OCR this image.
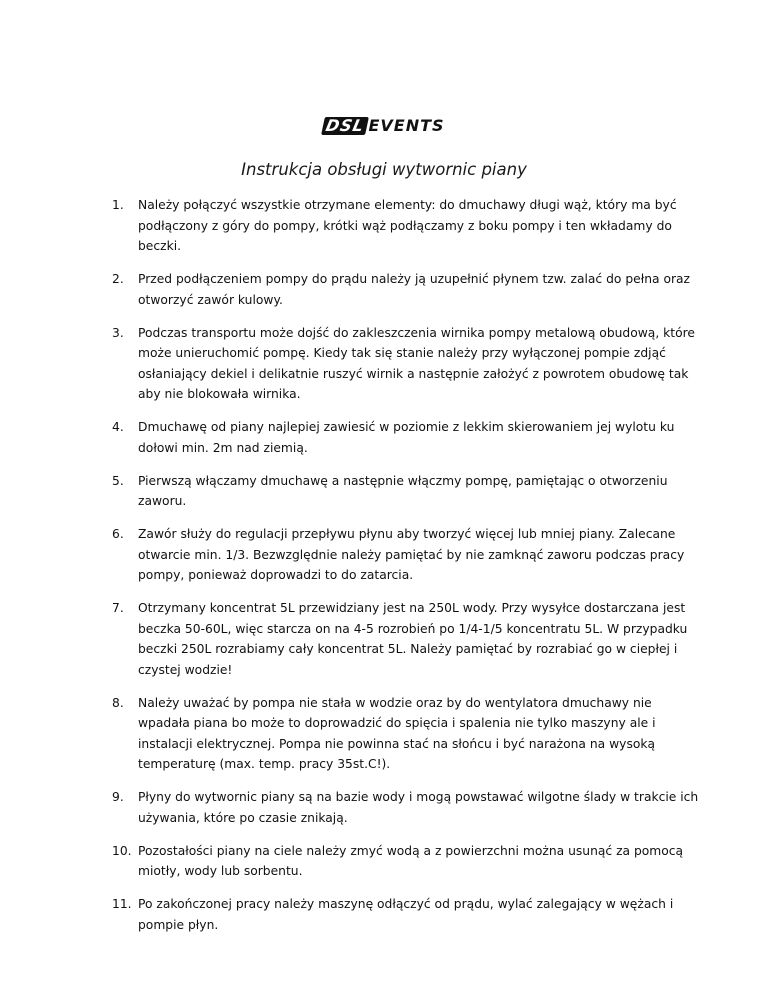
DSL EVENTS
Instrukcja obsługi wytwornic piany
1. Należy połączyć wszystkie otrzymane elementy: do dmuchawy długi wąż, który ma być podłączony z góry do pompy, krótki wąż podłączamy z boku pompy i ten wkładamy do beczki.
2. Przed podłączeniem pompy do prądu należy ją uzupełnić płynem tzw. zalać do pełna oraz otworzyć zawór kulowy.
3. Podczas transportu może dojść do zakleszczenia wirnika pompy metalową obudową, które może unieruchomić pompę. Kiedy tak się stanie należy przy wyłączonej pompie zdjąć osłaniający dekiel i delikatnie ruszyć wirnik a następnie założyć z powrotem obudowę tak aby nie blokowała wirnika.
4. Dmuchawę od piany najlepiej zawiesić w poziomie z lekkim skierowaniem jej wylotu ku dołowi min. 2m nad ziemią.
5. Pierwszą włączamy dmuchawę a następnie włączmy pompę, pamiętając o otworzeniu zaworu.
6. Zawór służy do regulacji przepływu płynu aby tworzyć więcej lub mniej piany. Zalecane otwarcie min. 1/3. Bezwzględnie należy pamiętać by nie zamknąć zaworu podczas pracy pompy, ponieważ doprowadzi to do zatarcia.
7. Otrzymany koncentrat 5L przewidziany jest na 250L wody. Przy wysyłce dostarczana jest beczka 50-60L, więc starcza on na 4-5 rozrobień po 1/4-1/5 koncentratu 5L. W przypadku beczki 250L rozrabiamy cały koncentrat 5L. Należy pamiętać by rozrabiać go w ciepłej i czystej wodzie!
8. Należy uważać by pompa nie stała w wodzie oraz by do wentylatora dmuchawy nie wpadała piana bo może to doprowadzić do spięcia i spalenia nie tylko maszyny ale i instalacji elektrycznej. Pompa nie powinna stać na słońcu i być narażona na wysoką temperaturę (max. temp. pracy 35st.C!).
9. Płyny do wytwornic piany są na bazie wody i mogą powstawać wilgotne ślady w trakcie ich używania, które po czasie znikają.
10. Pozostałości piany na ciele należy zmyć wodą a z powierzchni można usunąć za pomocą miotły, wody lub sorbentu.
11. Po zakończonej pracy należy maszynę odłączyć od prądu, wylać zalegający w wężach i pompie płyn.
